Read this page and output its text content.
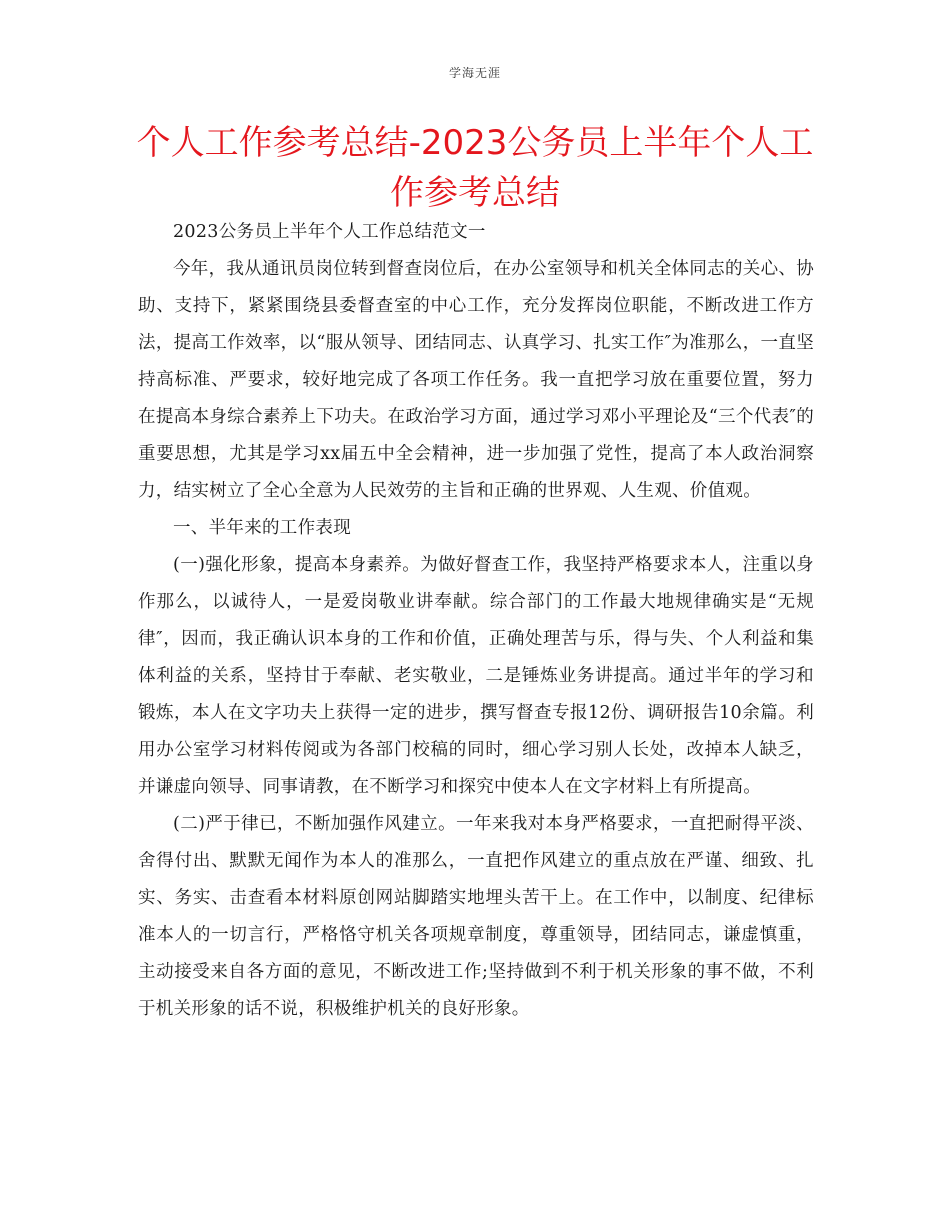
学海无涯
个人工作参考总结-2023公务员上半年个人工作参考总结

2023公务员上半年个人工作总结范文一

今年，我从通讯员岗位转到督查岗位后，在办公室领导和机关全体同志的关心、协助、支持下，紧紧围绕县委督查室的中心工作，充分发挥岗位职能，不断改进工作方法，提高工作效率，以“服从领导、团结同志、认真学习、扎实工作″为准那么，一直坚持高标准、严要求，较好地完成了各项工作任务。我一直把学习放在重要位置，努力在提高本身综合素养上下功夫。在政治学习方面，通过学习邓小平理论及“三个代表″的重要思想，尤其是学习xx届五中全会精神，进一步加强了党性，提高了本人政治洞察力，结实树立了全心全意为人民效劳的主旨和正确的世界观、人生观、价值观。

一、半年来的工作表现

(一)强化形象，提高本身素养。为做好督查工作，我坚持严格要求本人，注重以身作那么，以诚待人，一是爱岗敬业讲奉献。综合部门的工作最大地规律确实是“无规律″，因而，我正确认识本身的工作和价值，正确处理苦与乐，得与失、个人利益和集体利益的关系，坚持甘于奉献、老实敬业，二是锤炼业务讲提高。通过半年的学习和锻炼，本人在文字功夫上获得一定的进步，撰写督查专报12份、调研报告10余篇。利用办公室学习材料传阅或为各部门校稿的同时，细心学习别人长处，改掉本人缺乏，并谦虚向领导、同事请教，在不断学习和探究中使本人在文字材料上有所提高。

(二)严于律已，不断加强作风建立。一年来我对本身严格要求，一直把耐得平淡、舍得付出、默默无闻作为本人的准那么，一直把作风建立的重点放在严谨、细致、扎实、务实、击查看本材料原创网站脚踏实地埋头苦干上。在工作中，以制度、纪律标准本人的一切言行，严格恪守机关各项规章制度，尊重领导，团结同志，谦虚慎重，主动接受来自各方面的意见，不断改进工作;坚持做到不利于机关形象的事不做，不利于机关形象的话不说，积极维护机关的良好形象。
